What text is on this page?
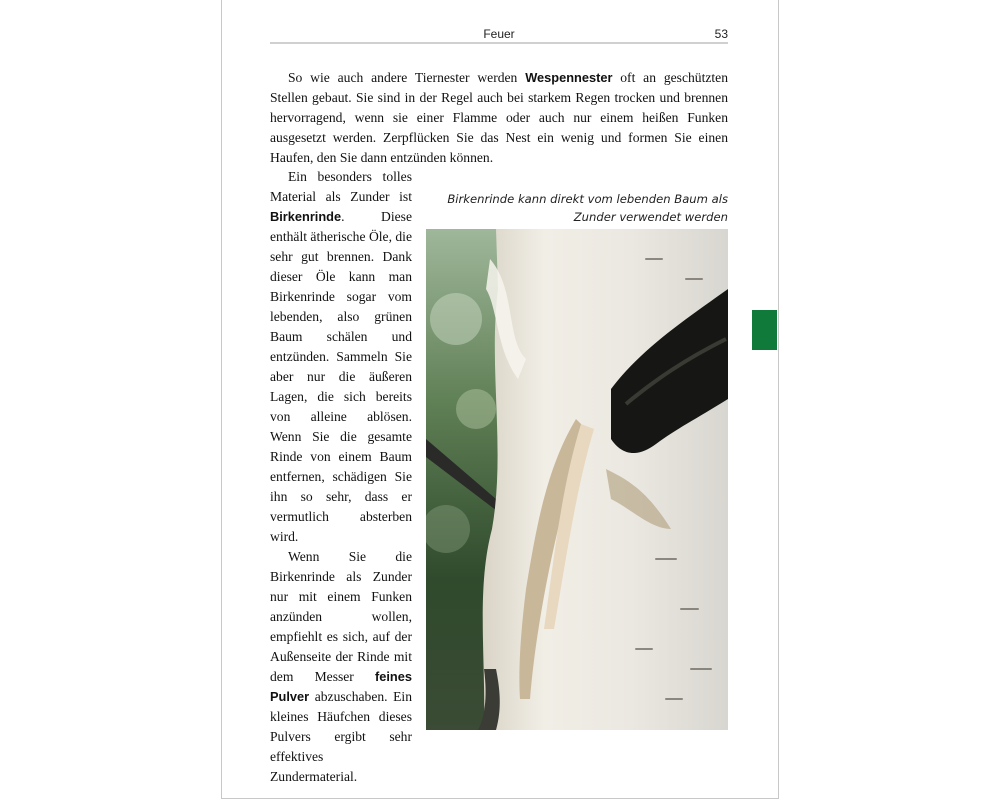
Feuer	53

So wie auch andere Tiernester werden Wespennester oft an geschützten Stellen gebaut. Sie sind in der Regel auch bei starkem Regen trocken und brennen hervorragend, wenn sie einer Flamme oder auch nur einem heißen Funken ausgesetzt werden. Zerpflücken Sie das Nest ein wenig und formen Sie einen Haufen, den Sie dann entzünden können.

Ein besonders tolles Material als Zunder ist Birkenrinde. Diese enthält ätherische Öle, die sehr gut brennen. Dank dieser Öle kann man Birkenrinde sogar vom lebenden, also grünen Baum schälen und entzünden. Sammeln Sie aber nur die äußeren Lagen, die sich bereits von alleine ablösen. Wenn Sie die gesamte Rinde von einem Baum entfernen, schädigen Sie ihn so sehr, dass er vermutlich absterben wird.

Wenn Sie die Birkenrinde als Zunder nur mit einem Funken anzünden wollen, empfiehlt es sich, auf der Außenseite der Rinde mit dem Messer feines Pulver abzuschaben. Ein kleines Häufchen dieses Pulvers ergibt sehr effektives Zundermaterial.

Birkenrinde kann direkt vom lebenden Baum als Zunder verwendet werden
